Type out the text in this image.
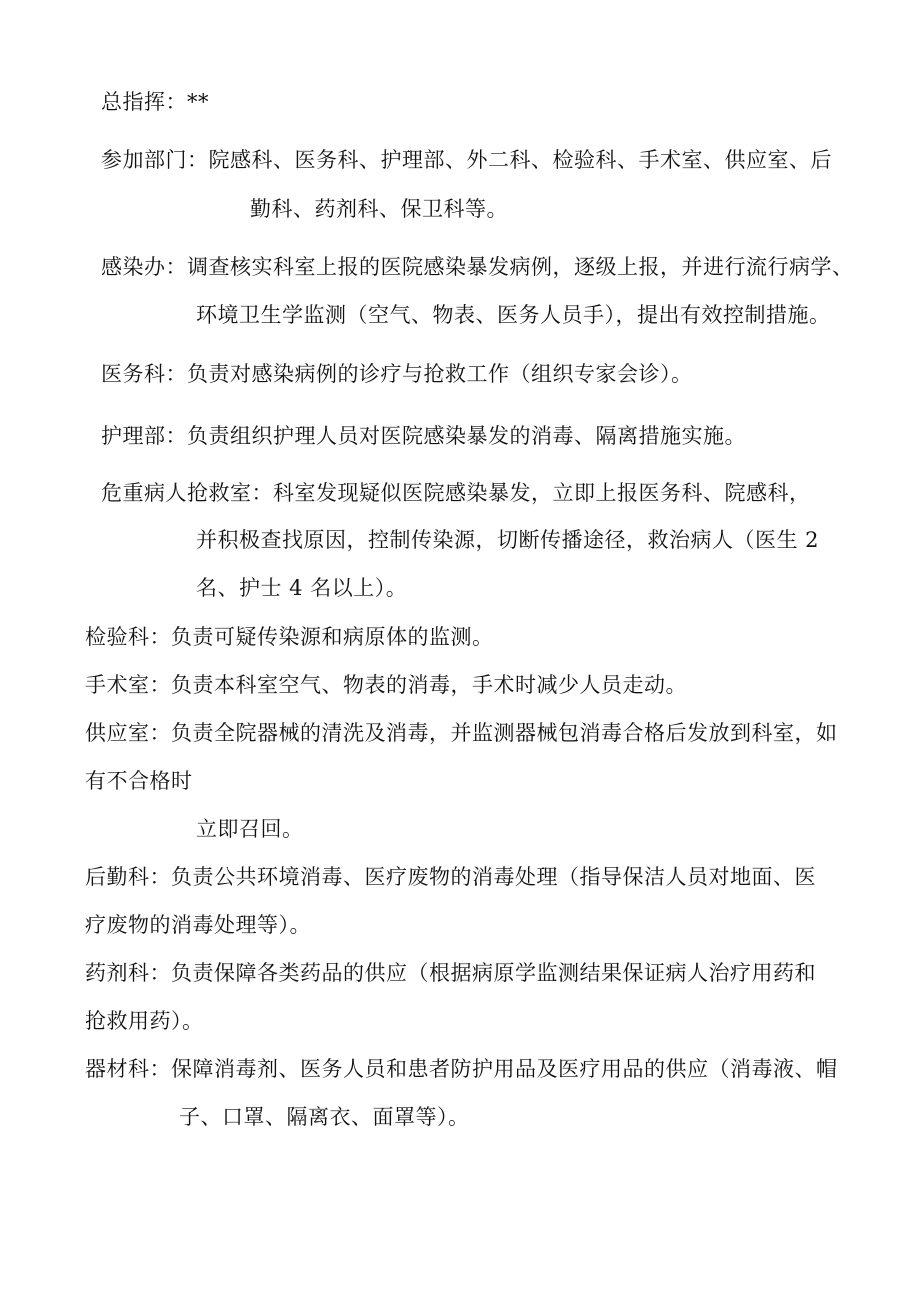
总指挥：**
参加部门：院感科、医务科、护理部、外二科、检验科、手术室、供应室、后
勤科、药剂科、保卫科等。
感染办：调查核实科室上报的医院感染暴发病例，逐级上报，并进行流行病学、
环境卫生学监测（空气、物表、医务人员手），提出有效控制措施。
医务科：负责对感染病例的诊疗与抢救工作（组织专家会诊）。
护理部：负责组织护理人员对医院感染暴发的消毒、隔离措施实施。
危重病人抢救室：科室发现疑似医院感染暴发，立即上报医务科、院感科，
并积极查找原因，控制传染源，切断传播途径，救治病人（医生 2
名、护士 4 名以上）。
检验科：负责可疑传染源和病原体的监测。
手术室：负责本科室空气、物表的消毒，手术时减少人员走动。
供应室：负责全院器械的清洗及消毒，并监测器械包消毒合格后发放到科室，如
有不合格时
立即召回。
后勤科：负责公共环境消毒、医疗废物的消毒处理（指导保洁人员对地面、医
疗废物的消毒处理等）。
药剂科：负责保障各类药品的供应（根据病原学监测结果保证病人治疗用药和
抢救用药）。
器材科：保障消毒剂、医务人员和患者防护用品及医疗用品的供应（消毒液、帽
子、口罩、隔离衣、面罩等）。
